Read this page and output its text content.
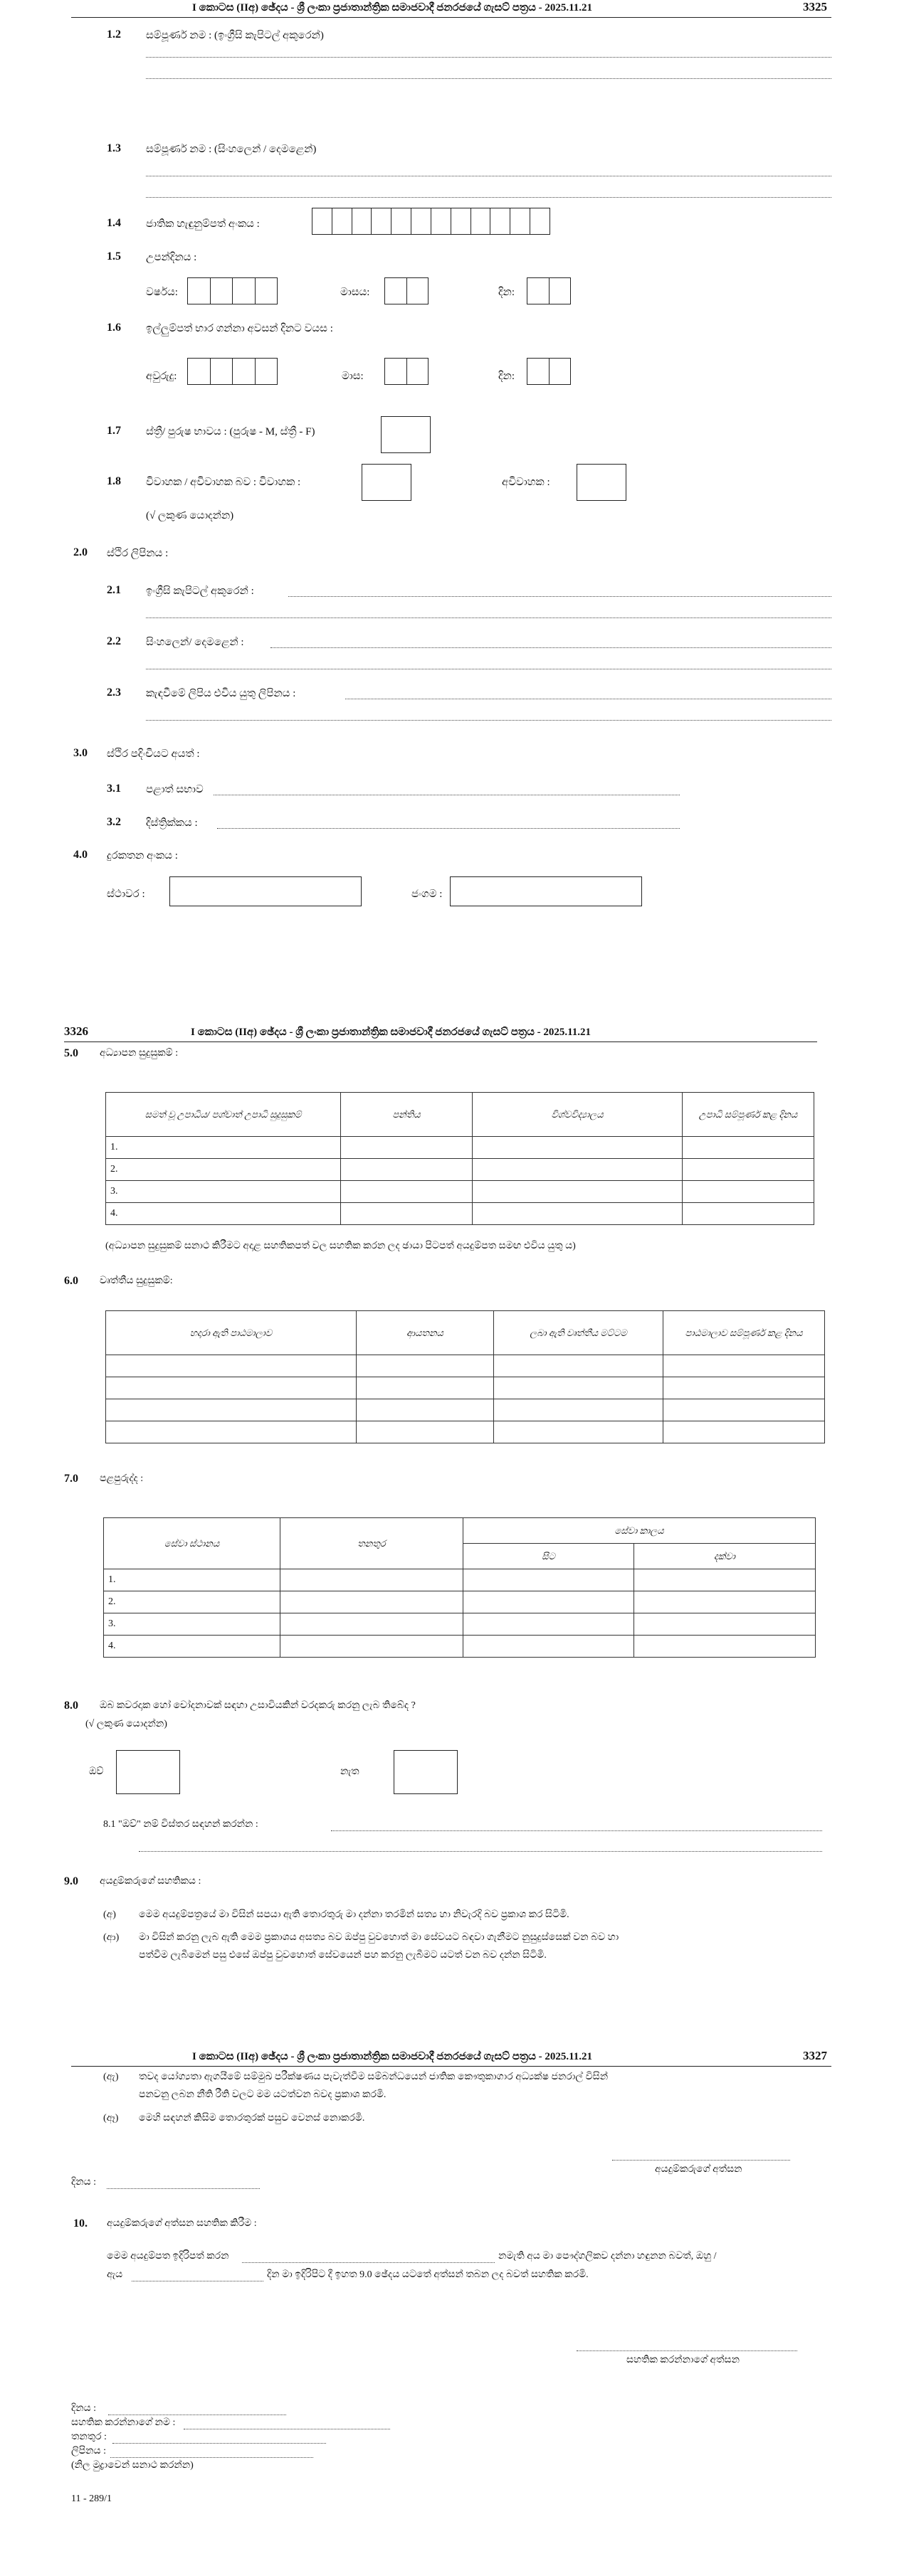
I කොටස (IIඅ) ඡේදය - ශ්‍රී ලංකා ප්‍රජාතාන්ත්‍රික සමාජවාදී ජනරජයේ ගැසට් පත්‍රය - 2025.11.21	3325
1.2 සම්පූර්ණ නම : (ඉංග්‍රීසි කැපිටල් අකුරෙන්)
1.3 සම්පූර්ණ නම : (සිංහලෙන් / දෙමළෙන්)
1.4 ජාතික හැඳුනුම්පත් අංකය :
1.5 උපන්දිනය :
වර්ෂය:	මාසය:	දින:
1.6 ඉල්ලුම්පත් භාර ගන්නා අවසන් දිනට වයස :
අවුරුදු:	මාස:	දින:
1.7 ස්ත්‍රී/ පුරුෂ භාවය : (පුරුෂ - M, ස්ත්‍රී - F)
1.8 විවාහක / අවිවාහක බව : විවාහක :	අවිවාහක :
(√ ලකුණ යොදන්න)
2.0 ස්ථිර ලිපිනය :
2.1 ඉංග්‍රීසි කැපිටල් අකුරෙන් :
2.2 සිංහලෙන්/ දෙමළෙන් :
2.3 කැඳවීමේ ලිපිය එවිය යුතු ලිපිනය :
3.0 ස්ථිර පදිංචියට අයත් :
3.1 පළාත් සභාව
3.2 දිස්ත්‍රික්කය :
4.0 දුරකතන අංකය :
ස්ථාවර :	ජංගම :
3326	I කොටස (IIඅ) ඡේදය - ශ්‍රී ලංකා ප්‍රජාතාන්ත්‍රික සමාජවාදී ජනරජයේ ගැසට් පත්‍රය - 2025.11.21
5.0 අධ්‍යාපන සුදුසුකම් :
සමත් වූ උපාධිය/ පශ්චාත් උපාධි සුදුසුකම්	පන්තිය	විශ්වවිද්‍යාලය	උපාධි සම්පූර්ණ කළ දිනය
1.			
2.			
3.			
4.			
(අධ්‍යාපන සුදුසුකම් සනාථ කිරීමට අදාළ සහතිකපත් වල සහතික කරන ලද ඡායා පිටපත් අයදුම්පත සමඟ එවිය යුතු ය)
6.0 වෘත්තීය සුදුසුකම්:
හදාරා ඇති පාඨමාලාව	ආයතනය	ලබා ඇති වෘත්තීය මට්ටම	පාඨමාලාව සම්පූර්ණ කළ දිනය

7.0 පළපුරුද්ද :
සේවා ස්ථානය	තනතුර	සේවා කාලය	
		සිට	දක්වා
1.			
2.			
3.			
4.			
8.0 ඔබ කවරදාක හෝ චෝදනාවක් සඳහා උසාවියකින් වරදකරු කරනු ලැබ තිබේද ?
(√ ලකුණ යොදන්න)
ඔව්	නැත
8.1 "ඔව්" නම් විස්තර සඳහන් කරන්න :
9.0 අයදුම්කරුගේ සහතිකය :
(අ) මෙම අයදුම්පත්‍රයේ මා විසින් සපයා ඇති තොරතුරු මා දන්නා තරමින් සත්‍ය හා නිවැරදි බව ප්‍රකාශ කර සිටිමි.
(ආ) මා විසින් කරනු ලැබ ඇති මෙම ප්‍රකාශය අසත්‍ය බව ඔප්පු වුවහොත් මා සේවයට බඳවා ගැනීමට නුසුදුස්සෙක් වන බව හා
පත්වීම ලැබීමෙන් පසු එසේ ඔප්පු වුවහොත් සේවයෙන් පහ කරනු ලැබීමට යටත් වන බව දන්න සිටිමි.
I කොටස (IIඅ) ඡේදය - ශ්‍රී ලංකා ප්‍රජාතාන්ත්‍රික සමාජවාදී ජනරජයේ ගැසට් පත්‍රය - 2025.11.21	3327
(ඇ) තවද යෝග්‍යතා ඇගයීමේ සම්මුඛ පරීක්ෂණය පැවැත්වීම සම්බන්ධයෙන් ජාතික කෞතුකාගාර අධ්‍යක්ෂ ජනරාල් විසින්
පනවනු ලබන නීති රීති වලට මම යටත්වන බවද ප්‍රකාශ කරමි.
(ඈ) මෙහි සඳහන් කිසිම තොරතුරක් පසුව වෙනස් නොකරමි.
අයදුම්කරුගේ අත්සන
දිනය :
10. අයදුම්කරුගේ අත්සන සහතික කිරීම :
මෙම අයදුම්පත ඉදිරිපත් කරන	නමැති අය මා පෞද්ගලිකව දන්නා හඳුනන බවත්, ඔහු /
ඇය	දින මා ඉදිරිපිට දී ඉහත 9.0 ඡේදය යටතේ අත්සන් තබන ලද බවත් සහතික කරමි.
සහතික කරන්නාගේ අත්සන
දිනය :
සහතික කරන්නාගේ නම :
තනතුර :
ලිපිනය :
(නිල මුද්‍රාවෙන් සනාථ කරන්න)
11 - 289/1
